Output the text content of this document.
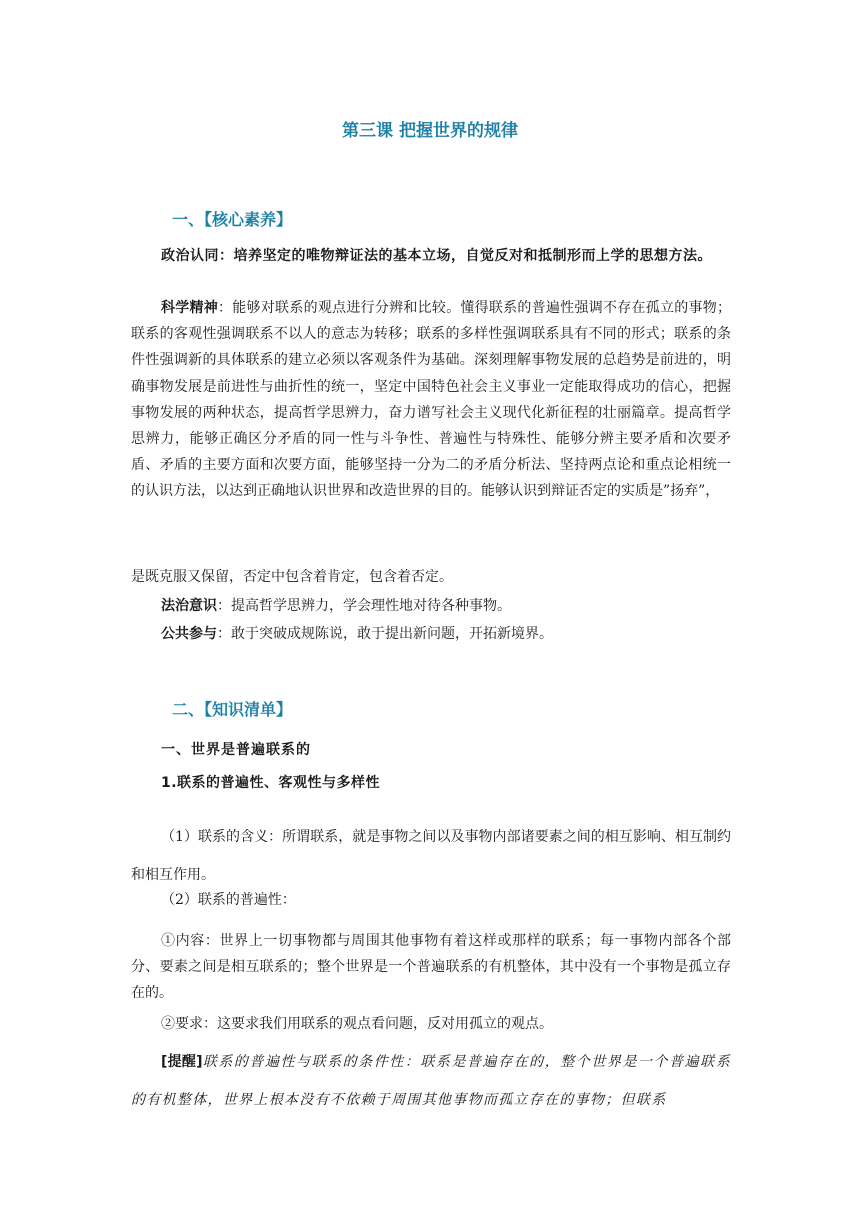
第三课 把握世界的规律
一、【核心素养】

政治认同：培养坚定的唯物辩证法的基本立场，自觉反对和抵制形而上学的思想方法。

科学精神：能够对联系的观点进行分辨和比较。懂得联系的普遍性强调不存在孤立的事物；联系的客观性强调联系不以人的意志为转移；联系的多样性强调联系具有不同的形式；联系的条件性强调新的具体联系的建立必须以客观条件为基础。深刻理解事物发展的总趋势是前进的，明确事物发展是前进性与曲折性的统一，坚定中国特色社会主义事业一定能取得成功的信心，把握事物发展的两种状态，提高哲学思辨力，奋力谱写社会主义现代化新征程的壮丽篇章。提高哲学思辨力，能够正确区分矛盾的同一性与斗争性、普遍性与特殊性、能够分辨主要矛盾和次要矛盾、矛盾的主要方面和次要方面，能够坚持一分为二的矛盾分析法、坚持两点论和重点论相统一的认识方法，以达到正确地认识世界和改造世界的目的。能够认识到辩证否定的实质是”扬弃”，

是既克服又保留，否定中包含着肯定，包含着否定。

法治意识：提高哲学思辨力，学会理性地对待各种事物。

公共参与：敢于突破成规陈说，敢于提出新问题，开拓新境界。

二、【知识清单】

一、世界是普遍联系的

1.联系的普遍性、客观性与多样性

（1）联系的含义：所谓联系，就是事物之间以及事物内部诸要素之间的相互影响、相互制约和相互作用。

（2）联系的普遍性：

①内容：世界上一切事物都与周围其他事物有着这样或那样的联系；每一事物内部各个部分、要素之间是相互联系的；整个世界是一个普遍联系的有机整体，其中没有一个事物是孤立存在的。

②要求：这要求我们用联系的观点看问题，反对用孤立的观点。

[提醒]联系的普遍性与联系的条件性：联系是普遍存在的，整个世界是一个普遍联系的有机整体，世界上根本没有不依赖于周围其他事物而孤立存在的事物；但联系
